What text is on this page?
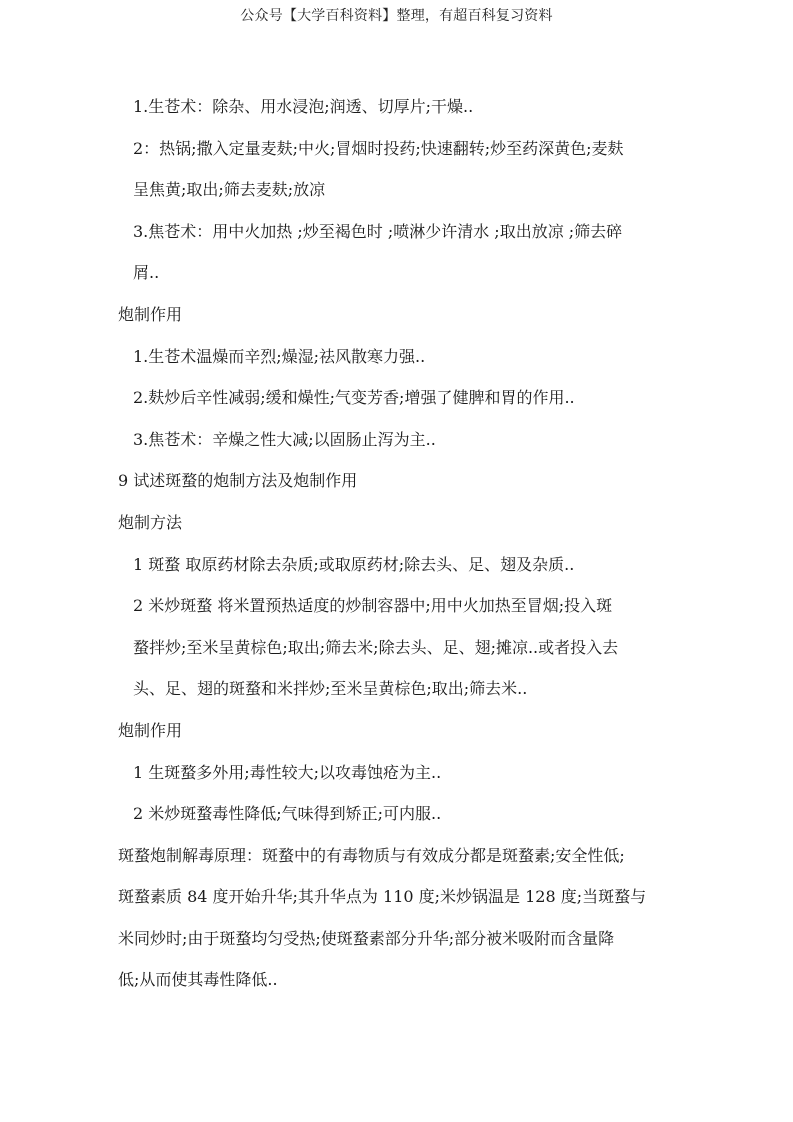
公众号【大学百科资料】整理，有超百科复习资料
1.生苍术：除杂、用水浸泡;润透、切厚片;干燥..
2：热锅;撒入定量麦麸;中火;冒烟时投药;快速翻转;炒至药深黄色;麦麸
呈焦黄;取出;筛去麦麸;放凉
3.焦苍术：用中火加热 ;炒至褐色时 ;喷淋少许清水 ;取出放凉 ;筛去碎
屑..
炮制作用
1.生苍术温燥而辛烈;燥湿;祛风散寒力强..
2.麸炒后辛性减弱;缓和燥性;气变芳香;增强了健脾和胃的作用..
3.焦苍术：辛燥之性大减;以固肠止泻为主..
9 试述斑蝥的炮制方法及炮制作用
炮制方法
1 斑蝥 取原药材除去杂质;或取原药材;除去头、足、翅及杂质..
2 米炒斑蝥 将米置预热适度的炒制容器中;用中火加热至冒烟;投入斑
蝥拌炒;至米呈黄棕色;取出;筛去米;除去头、足、翅;摊凉..或者投入去
头、足、翅的斑蝥和米拌炒;至米呈黄棕色;取出;筛去米..
炮制作用
1 生斑蝥多外用;毒性较大;以攻毒蚀疮为主..
2 米炒斑蝥毒性降低;气味得到矫正;可内服..
斑蝥炮制解毒原理：斑蝥中的有毒物质与有效成分都是斑蝥素;安全性低;
斑蝥素质 84 度开始升华;其升华点为 110 度;米炒锅温是 128 度;当斑蝥与
米同炒时;由于斑蝥均匀受热;使斑蝥素部分升华;部分被米吸附而含量降
低;从而使其毒性降低..
